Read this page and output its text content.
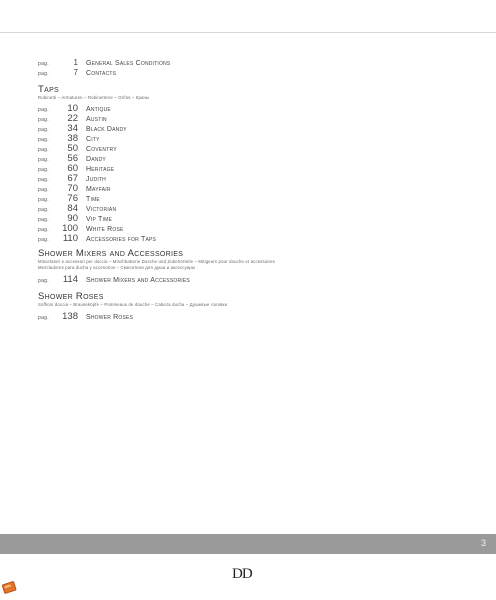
pag.	1	General Sales Conditions
pag.	7	Contacts
Taps
Rubinetti – Armaturen – Robinetterie – Grifos – Краны
pag.	10	Antique
pag.	22	Austin
pag.	34	Black Dandy
pag.	38	City
pag.	50	Coventry
pag.	56	Dandy
pag.	60	Heritage
pag.	67	Judith
pag.	70	Mayfair
pag.	76	Time
pag.	84	Victorian
pag.	90	Vip Time
pag.	100	White Rose
pag.	110	Accessories for Taps
Shower Mixers and Accessories
Miscelatori e accessori per doccia – Mischbatterie Dusche und Zubehörteile – Mitigeurs pour douche et accessoires
Mezcladores para ducha y accesorios – Смесители для душа и аксессуары
pag.	114	Shower Mixers and Accessories
Shower Roses
Soffioni doccia – Brauseköpfe – Pommeaux de douche – Cabeza ducha – Душевые головки
pag.	138	Shower Roses
3
DD
